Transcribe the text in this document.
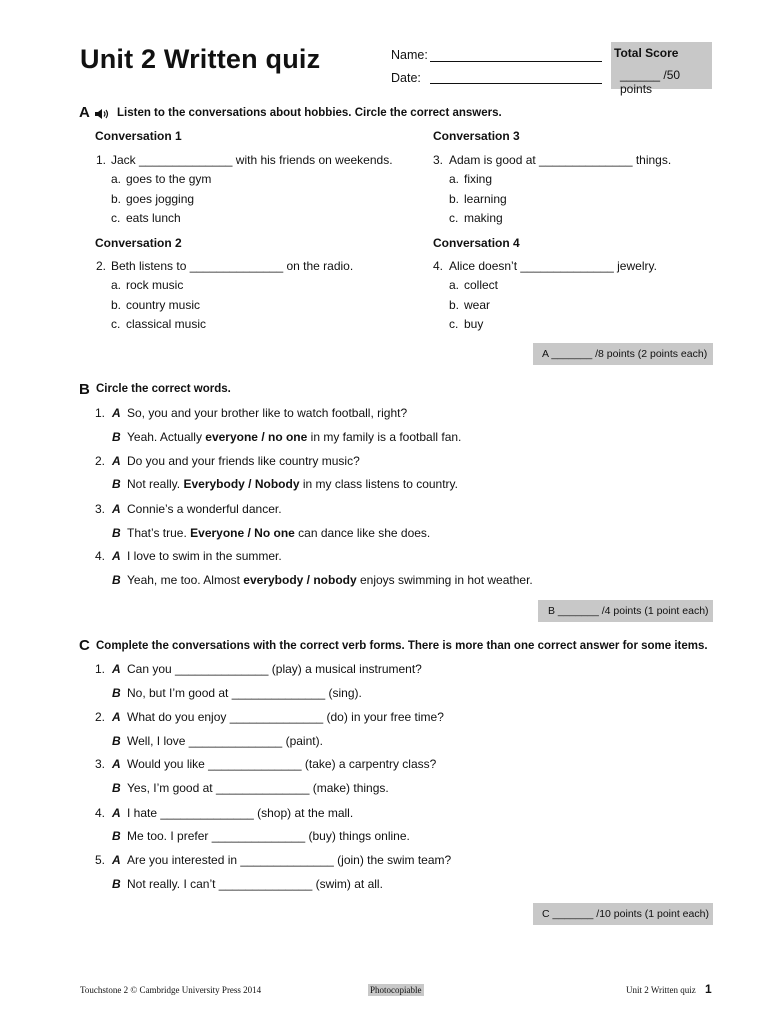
Unit 2 Written quiz	Name:
Date:
Total Score
______ /50 points
A Listen to the conversations about hobbies. Circle the correct answers.
Conversation 1
1. Jack ______________ with his friends on weekends.
a. goes to the gym
b. goes jogging
c. eats lunch
Conversation 2
2. Beth listens to ______________ on the radio.
a. rock music
b. country music
c. classical music
Conversation 3
3. Adam is good at ______________ things.
a. fixing
b. learning
c. making
Conversation 4
4. Alice doesn’t ______________ jewelry.
a. collect
b. wear
c. buy
A _______ /8 points (2 points each)
B Circle the correct words.
1. A So, you and your brother like to watch football, right?
B Yeah. Actually everyone / no one in my family is a football fan.
2. A Do you and your friends like country music?
B Not really. Everybody / Nobody in my class listens to country.
3. A Connie’s a wonderful dancer.
B That’s true. Everyone / No one can dance like she does.
4. A I love to swim in the summer.
B Yeah, me too. Almost everybody / nobody enjoys swimming in hot weather.
B _______ /4 points (1 point each)
C Complete the conversations with the correct verb forms. There is more than one correct answer for some items.
1. A Can you ______________ (play) a musical instrument?
B No, but I’m good at ______________ (sing).
2. A What do you enjoy ______________ (do) in your free time?
B Well, I love ______________ (paint).
3. A Would you like ______________ (take) a carpentry class?
B Yes, I’m good at ______________ (make) things.
4. A I hate ______________ (shop) at the mall.
B Me too. I prefer ______________ (buy) things online.
5. A Are you interested in ______________ (join) the swim team?
B Not really. I can’t ______________ (swim) at all.
C _______ /10 points (1 point each)
Touchstone 2 © Cambridge University Press 2014	Photocopiable	Unit 2 Written quiz 1
